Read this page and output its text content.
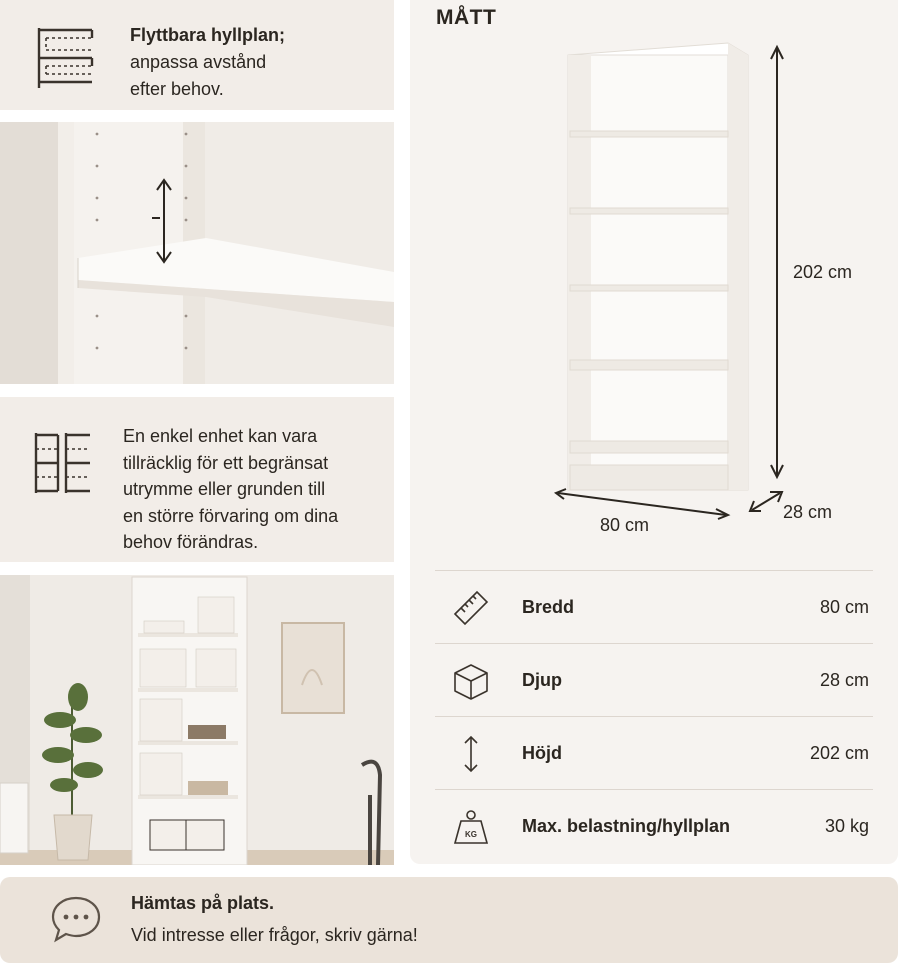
Flyttbara hyllplan;
anpassa avstånd
efter behov.
En enkel enhet kan vara
tillräcklig för ett begränsat
utrymme eller grunden till
en större förvaring om dina
behov förändras.
MÅTT
202 cm
80 cm
28 cm
Bredd	80 cm
Djup	28 cm
Höjd	202 cm
KG	Max. belastning/hyllplan	30 kg
Hämtas på plats.
Vid intresse eller frågor, skriv gärna!
